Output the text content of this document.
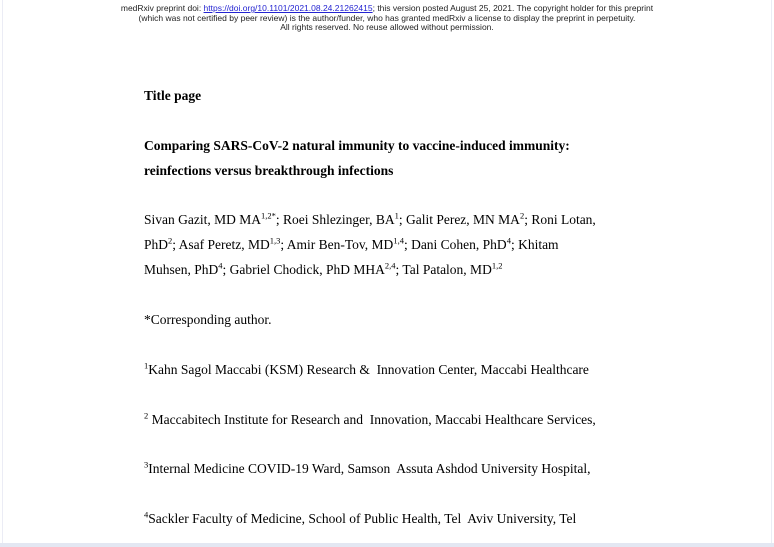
medRxiv preprint doi: https://doi.org/10.1101/2021.08.24.21262415; this version posted August 25, 2021. The copyright holder for this preprint
(which was not certified by peer review) is the author/funder, who has granted medRxiv a license to display the preprint in perpetuity.
All rights reserved. No reuse allowed without permission.
Title page
Comparing SARS-CoV-2 natural immunity to vaccine-induced immunity:
reinfections versus breakthrough infections
Sivan Gazit, MD $MA^{1,2*}$; Roei Shlezinger, $BA^1$; Galit Perez, MN $MA^2$; Roni Lotan,
PhD$^2$; Asaf Peretz, MD$^{1,3}$; Amir Ben-Tov, MD$^{1,4}$; Dani Cohen, PhD$^4$; Khitam
Muhsen, PhD$^4$; Gabriel Chodick, PhD MHA$^{2,4}$; Tal Patalon, MD$^{1,2}$
*Corresponding author.
$^1$Kahn Sagol Maccabi (KSM) Research &  Innovation Center, Maccabi Healthcare
$^2$ Maccabitech Institute for Research and  Innovation, Maccabi Healthcare Services,
$^3$Internal Medicine COVID-19 Ward, Samson  Assuta Ashdod University Hospital,
$^4$Sackler Faculty of Medicine, School of Public Health, Tel  Aviv University, Tel
